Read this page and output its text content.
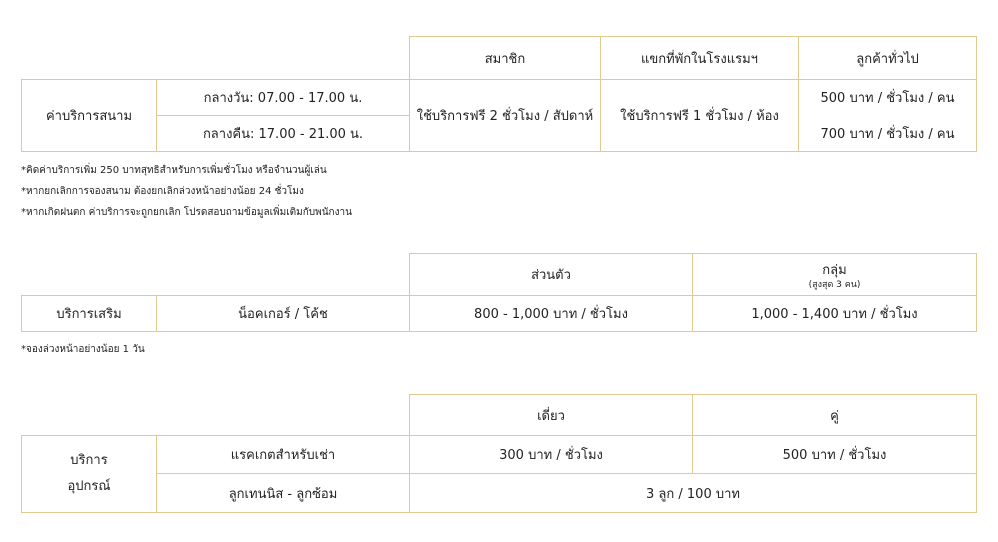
		สมาชิก	แขกที่พักในโรงแรมฯ	ลูกค้าทั่วไป
ค่าบริการสนาม	กลางวัน: 07.00 - 17.00 น.	ใช้บริการฟรี 2 ชั่วโมง / สัปดาห์	ใช้บริการฟรี 1 ชั่วโมง / ห้อง	500 บาท / ชั่วโมง / คน
	กลางคืน: 17.00 - 21.00 น.			700 บาท / ชั่วโมง / คน
*คิดค่าบริการเพิ่ม 250 บาทสุทธิสำหรับการเพิ่มชั่วโมง หรือจำนวนผู้เล่น
*หากยกเลิกการจองสนาม ต้องยกเลิกล่วงหน้าอย่างน้อย 24 ชั่วโมง
*หากเกิดฝนตก ค่าบริการจะถูกยกเลิก โปรดสอบถามข้อมูลเพิ่มเติมกับพนักงาน
		ส่วนตัว	กลุ่ม
(สูงสุด 3 คน)

บริการเสริม	น็อคเกอร์ / โค้ช	800 - 1,000 บาท / ชั่วโมง	1,000 - 1,400 บาท / ชั่วโมง
*จองล่วงหน้าอย่างน้อย 1 วัน
		เดี่ยว	คู่

บริการ
อุปกรณ์	แรคเกตสำหรับเช่า	300 บาท / ชั่วโมง	500 บาท / ชั่วโมง
	ลูกเทนนิส - ลูกซ้อม	3 ลูก / 100 บาท	
